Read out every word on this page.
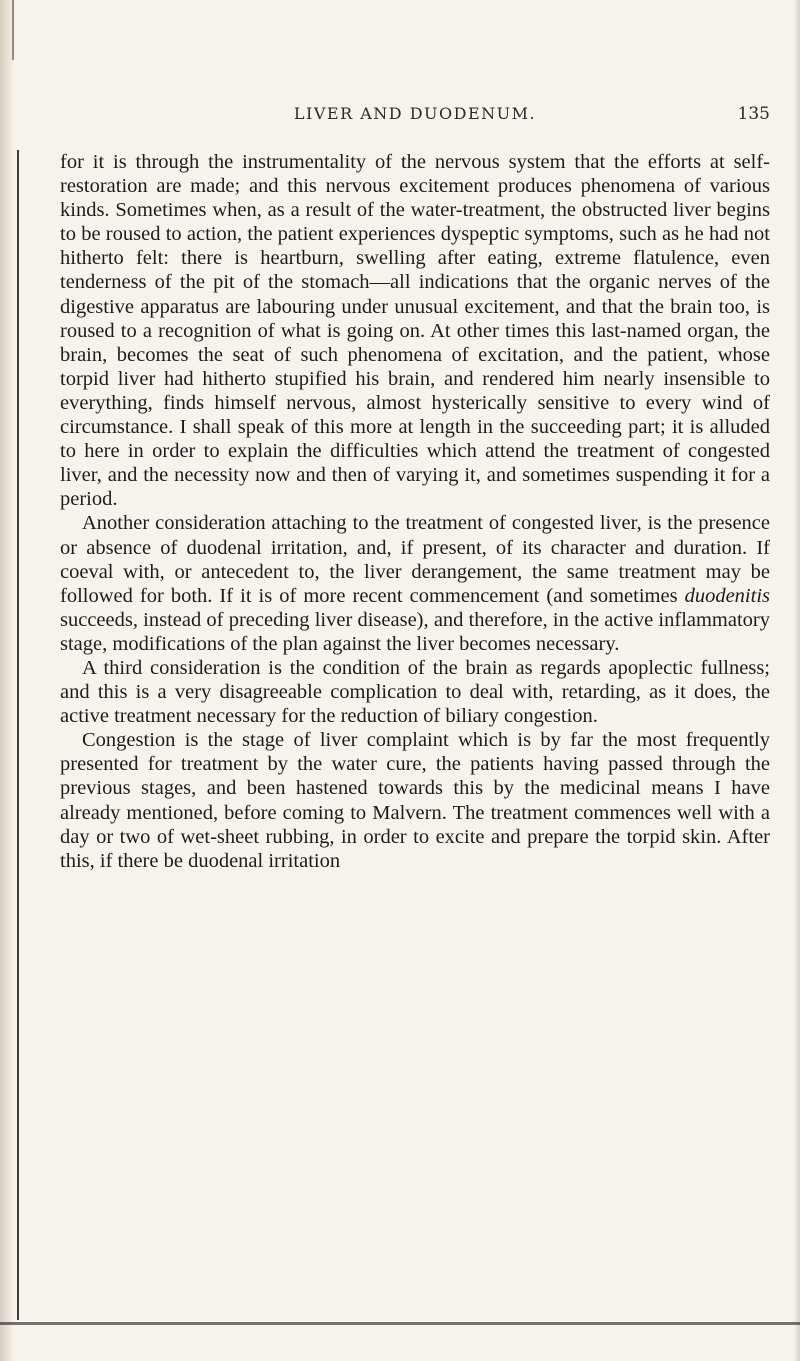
LIVER AND DUODENUM.	135

for it is through the instrumentality of the nervous system that the efforts at self-restoration are made; and this nervous excitement produces phenomena of various kinds. Sometimes when, as a result of the water-treatment, the obstructed liver begins to be roused to action, the patient experiences dyspeptic symptoms, such as he had not hitherto felt: there is heartburn, swelling after eating, extreme flatulence, even tenderness of the pit of the stomach—all indications that the organic nerves of the digestive apparatus are labouring under unusual excitement, and that the brain too, is roused to a recognition of what is going on. At other times this last-named organ, the brain, becomes the seat of such phenomena of excitation, and the patient, whose torpid liver had hitherto stupified his brain, and rendered him nearly insensible to everything, finds himself nervous, almost hysterically sensitive to every wind of circumstance. I shall speak of this more at length in the succeeding part; it is alluded to here in order to explain the difficulties which attend the treatment of congested liver, and the necessity now and then of varying it, and sometimes suspending it for a period.

Another consideration attaching to the treatment of congested liver, is the presence or absence of duodenal irritation, and, if present, of its character and duration. If coeval with, or antecedent to, the liver derangement, the same treatment may be followed for both. If it is of more recent commencement (and sometimes duodenitis succeeds, instead of preceding liver disease), and therefore, in the active inflammatory stage, modifications of the plan against the liver becomes necessary.

A third consideration is the condition of the brain as regards apoplectic fullness; and this is a very disagreeable complication to deal with, retarding, as it does, the active treatment necessary for the reduction of biliary congestion.

Congestion is the stage of liver complaint which is by far the most frequently presented for treatment by the water cure, the patients having passed through the previous stages, and been hastened towards this by the medicinal means I have already mentioned, before coming to Malvern. The treatment commences well with a day or two of wet-sheet rubbing, in order to excite and prepare the torpid skin. After this, if there be duodenal irritation
